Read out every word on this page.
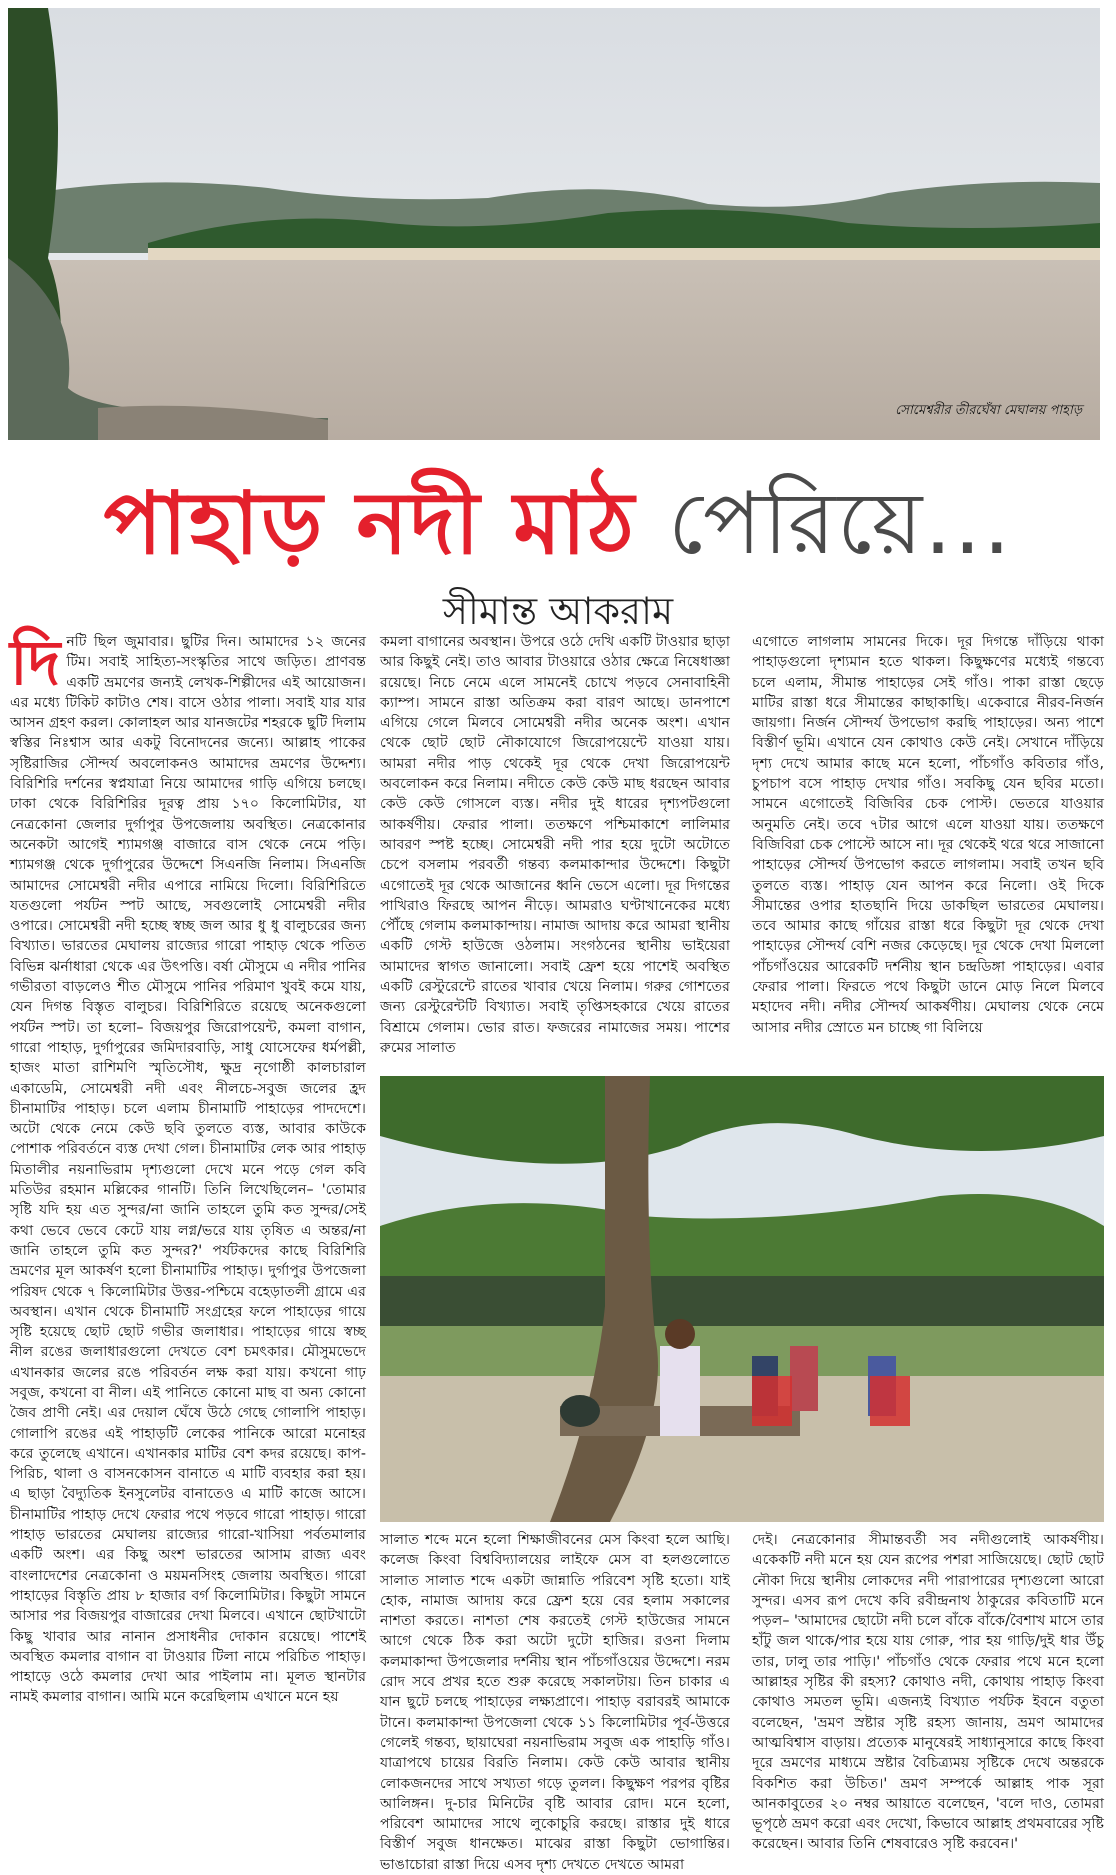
সোমেশ্বরীর তীরঘেঁষা মেঘালয় পাহাড়
পাহাড় নদী মাঠ পেরিয়ে...
সীমান্ত আকরাম
দি নটি ছিল জুমাবার। ছুটির দিন। আমাদের ১২ জনের টিম। সবাই সাহিত্য-সংস্কৃতির সাথে জড়িত। প্রাণবন্ত একটি ভ্রমণের জন্যই লেখক-শিল্পীদের এই আয়োজন। এর মধ্যে টিকিট কাটাও শেষ। বাসে ওঠার পালা। সবাই যার যার আসন গ্রহণ করল। কোলাহল আর যানজটের শহরকে ছুটি দিলাম স্বস্তির নিঃশ্বাস আর একটু বিনোদনের জন্যে। আল্লাহ পাকের সৃষ্টিরাজির সৌন্দর্য অবলোকনও আমাদের ভ্রমণের উদ্দেশ্য। বিরিশিরি দর্শনের স্বপ্নযাত্রা নিয়ে আমাদের গাড়ি এগিয়ে চলছে। ঢাকা থেকে বিরিশিরির দূরত্ব প্রায় ১৭০ কিলোমিটার, যা নেত্রকোনা জেলার দুর্গাপুর উপজেলায় অবস্থিত। নেত্রকোনার অনেকটা আগেই শ্যামগঞ্জ বাজারে বাস থেকে নেমে পড়ি। শ্যামগঞ্জ থেকে দুর্গাপুরের উদ্দেশে সিএনজি নিলাম। সিএনজি আমাদের সোমেশ্বরী নদীর এপারে নামিয়ে দিলো। বিরিশিরিতে যতগুলো পর্যটন স্পট আছে, সবগুলোই সোমেশ্বরী নদীর ওপারে। সোমেশ্বরী নদী হচ্ছে স্বচ্ছ জল আর ধু ধু বালুচরের জন্য বিখ্যাত। ভারতের মেঘালয় রাজ্যের গারো পাহাড় থেকে পতিত বিভিন্ন ঝর্নাধারা থেকে এর উৎপত্তি। বর্ষা মৌসুমে এ নদীর পানির গভীরতা বাড়লেও শীত মৌসুমে পানির পরিমাণ খুবই কমে যায়, যেন দিগন্ত বিস্তৃত বালুচর। বিরিশিরিতে রয়েছে অনেকগুলো পর্যটন স্পট। তা হলো– বিজয়পুর জিরোপয়েন্ট, কমলা বাগান, গারো পাহাড়, দুর্গাপুরের জমিদারবাড়ি, সাধু যোসেফের ধর্মপল্লী, হাজং মাতা রাশিমণি স্মৃতিসৌধ, ক্ষুদ্র নৃগোষ্ঠী কালচারাল একাডেমি, সোমেশ্বরী নদী এবং নীলচে-সবুজ জলের হ্রদ চীনামাটির পাহাড়। চলে এলাম চীনামাটি পাহাড়ের পাদদেশে। অটো থেকে নেমে কেউ ছবি তুলতে ব্যস্ত, আবার কাউকে পোশাক পরিবর্তনে ব্যস্ত দেখা গেল। চীনামাটির লেক আর পাহাড় মিতালীর নয়নাভিরাম দৃশ্যগুলো দেখে মনে পড়ে গেল কবি মতিউর রহমান মল্লিকের গানটি। তিনি লিখেছিলেন– 'তোমার সৃষ্টি যদি হয় এত সুন্দর/না জানি তাহলে তুমি কত সুন্দর/সেই কথা ভেবে ভেবে কেটে যায় লগ্ন/ভরে যায় তৃষিত এ অন্তর/না জানি তাহলে তুমি কত সুন্দর?' পর্যটকদের কাছে বিরিশিরি ভ্রমণের মূল আকর্ষণ হলো চীনামাটির পাহাড়। দুর্গাপুর উপজেলা পরিষদ থেকে ৭ কিলোমিটার উত্তর-পশ্চিমে বহেড়াতলী গ্রামে এর অবস্থান। এখান থেকে চীনামাটি সংগ্রহের ফলে পাহাড়ের গায়ে সৃষ্টি হয়েছে ছোট ছোট গভীর জলাধার। পাহাড়ের গায়ে স্বচ্ছ নীল রঙের জলাধারগুলো দেখতে বেশ চমৎকার। মৌসুমভেদে এখানকার জলের রঙে পরিবর্তন লক্ষ করা যায়। কখনো গাঢ় সবুজ, কখনো বা নীল। এই পানিতে কোনো মাছ বা অন্য কোনো জৈব প্রাণী নেই। এর দেয়াল ঘেঁষে উঠে গেছে গোলাপি পাহাড়। গোলাপি রঙের এই পাহাড়টি লেকের পানিকে আরো মনোহর করে তুলেছে এখানে। এখানকার মাটির বেশ কদর রয়েছে। কাপ-পিরিচ, থালা ও বাসনকোসন বানাতে এ মাটি ব্যবহার করা হয়। এ ছাড়া বৈদ্যুতিক ইনসুলেটর বানাতেও এ মাটি কাজে আসে। চীনামাটির পাহাড় দেখে ফেরার পথে পড়বে গারো পাহাড়। গারো পাহাড় ভারতের মেঘালয় রাজ্যের গারো-খাসিয়া পর্বতমালার একটি অংশ। এর কিছু অংশ ভারতের আসাম রাজ্য এবং বাংলাদেশের নেত্রকোনা ও ময়মনসিংহ জেলায় অবস্থিত। গারো পাহাড়ের বিস্তৃতি প্রায় ৮ হাজার বর্গ কিলোমিটার। কিছুটা সামনে আসার পর বিজয়পুর বাজারের দেখা মিলবে। এখানে ছোটখাটো কিছু খাবার আর নানান প্রসাধনীর দোকান রয়েছে। পাশেই অবস্থিত কমলার বাগান বা টাওয়ার টিলা নামে পরিচিত পাহাড়। পাহাড়ে ওঠে কমলার দেখা আর পাইলাম না। মূলত স্থানটার নামই কমলার বাগান। আমি মনে করেছিলাম এখানে মনে হয়

কমলা বাগানের অবস্থান। উপরে ওঠে দেখি একটি টাওয়ার ছাড়া আর কিছুই নেই। তাও আবার টাওয়ারে ওঠার ক্ষেত্রে নিষেধাজ্ঞা রয়েছে। নিচে নেমে এলে সামনেই চোখে পড়বে সেনাবাহিনী ক্যাম্প। সামনে রাস্তা অতিক্রম করা বারণ আছে। ডানপাশে এগিয়ে গেলে মিলবে সোমেশ্বরী নদীর অনেক অংশ। এখান থেকে ছোট ছোট নৌকাযোগে জিরোপয়েন্টে যাওয়া যায়। আমরা নদীর পাড় থেকেই দূর থেকে দেখা জিরোপয়েন্ট অবলোকন করে নিলাম। নদীতে কেউ কেউ মাছ ধরছেন আবার কেউ কেউ গোসলে ব্যস্ত। নদীর দুই ধারের দৃশ্যপটগুলো আকর্ষণীয়। ফেরার পালা। ততক্ষণে পশ্চিমাকাশে লালিমার আবরণ স্পষ্ট হচ্ছে। সোমেশ্বরী নদী পার হয়ে দুটো অটোতে চেপে বসলাম পরবর্তী গন্তব্য কলমাকান্দার উদ্দেশে। কিছুটা এগোতেই দূর থেকে আজানের ধ্বনি ভেসে এলো। দূর দিগন্তের পাখিরাও ফিরছে আপন নীড়ে। আমরাও ঘণ্টাখানেকের মধ্যে পৌঁছে গেলাম কলমাকান্দায়। নামাজ আদায় করে আমরা স্থানীয় একটি গেস্ট হাউজে ওঠলাম। সংগঠনের স্থানীয় ভাইয়েরা আমাদের স্বাগত জানালো। সবাই ফ্রেশ হয়ে পাশেই অবস্থিত একটি রেস্টুরেন্টে রাতের খাবার খেয়ে নিলাম। গরুর গোশতের জন্য রেস্টুরেন্টটি বিখ্যাত। সবাই তৃপ্তিসহকারে খেয়ে রাতের বিশ্রামে গেলাম। ভোর রাত। ফজরের নামাজের সময়। পাশের রুমের সালাত

এগোতে লাগলাম সামনের দিকে। দূর দিগন্তে দাঁড়িয়ে থাকা পাহাড়গুলো দৃশ্যমান হতে থাকল। কিছুক্ষণের মধ্যেই গন্তব্যে চলে এলাম, সীমান্ত পাহাড়ের সেই গাঁও। পাকা রাস্তা ছেড়ে মাটির রাস্তা ধরে সীমান্তের কাছাকাছি। একেবারে নীরব-নির্জন জায়গা। নির্জন সৌন্দর্য উপভোগ করছি পাহাড়ের। অন্য পাশে বিস্তীর্ণ ভূমি। এখানে যেন কোথাও কেউ নেই। সেখানে দাঁড়িয়ে দৃশ্য দেখে আমার কাছে মনে হলো, পাঁচগাঁও কবিতার গাঁও, চুপচাপ বসে পাহাড় দেখার গাঁও। সবকিছু যেন ছবির মতো। সামনে এগোতেই বিজিবির চেক পোস্ট। ভেতরে যাওয়ার অনুমতি নেই। তবে ৭টার আগে এলে যাওয়া যায়। ততক্ষণে বিজিবিরা চেক পোস্টে আসে না। দূর থেকেই থরে থরে সাজানো পাহাড়ের সৌন্দর্য উপভোগ করতে লাগলাম। সবাই তখন ছবি তুলতে ব্যস্ত। পাহাড় যেন আপন করে নিলো। ওই দিকে সীমান্তের ওপার হাতছানি দিয়ে ডাকছিল ভারতের মেঘালয়। তবে আমার কাছে গাঁয়ের রাস্তা ধরে কিছুটা দূর থেকে দেখা পাহাড়ের সৌন্দর্য বেশি নজর কেড়েছে। দূর থেকে দেখা মিললো পাঁচগাঁওয়ের আরেকটি দর্শনীয় স্থান চন্দ্রডিঙ্গা পাহাড়ের। এবার ফেরার পালা। ফিরতে পথে কিছুটা ডানে মোড় নিলে মিলবে মহাদেব নদী। নদীর সৌন্দর্য আকর্ষণীয়। মেঘালয় থেকে নেমে আসার নদীর স্রোতে মন চাচ্ছে গা বিলিয়ে

সালাত শব্দে মনে হলো শিক্ষাজীবনের মেস কিংবা হলে আছি। কলেজ কিংবা বিশ্ববিদ্যালয়ের লাইফে মেস বা হলগুলোতে সালাত সালাত শব্দে একটা জান্নাতি পরিবেশ সৃষ্টি হতো। যাই হোক, নামাজ আদায় করে ফ্রেশ হয়ে বের হলাম সকালের নাশতা করতে। নাশতা শেষ করতেই গেস্ট হাউজের সামনে আগে থেকে ঠিক করা অটো দুটো হাজির। রওনা দিলাম কলমাকান্দা উপজেলার দর্শনীয় স্থান পাঁচগাঁওয়ের উদ্দেশে। নরম রোদ সবে প্রখর হতে শুরু করেছে সকালটায়। তিন চাকার এ যান ছুটে চলছে পাহাড়ের লক্ষ্যপ্রাণে। পাহাড় বরাবরই আমাকে টানে। কলমাকান্দা উপজেলা থেকে ১১ কিলোমিটার পূর্ব-উত্তরে গেলেই গন্তব্য, ছায়াঘেরা নয়নাভিরাম সবুজ এক পাহাড়ি গাঁও। যাত্রাপথে চায়ের বিরতি নিলাম। কেউ কেউ আবার স্থানীয় লোকজনদের সাথে সখ্যতা গড়ে তুলল। কিছুক্ষণ পরপর বৃষ্টির আলিঙ্গন। দু-চার মিনিটের বৃষ্টি আবার রোদ। মনে হলো, পরিবেশ আমাদের সাথে লুকোচুরি করছে। রাস্তার দুই ধারে বিস্তীর্ণ সবুজ ধানক্ষেত। মাঝের রাস্তা কিছুটা ভোগান্তির। ভাঙাচোরা রাস্তা দিয়ে এসব দৃশ্য দেখতে দেখতে আমরা

দেই। নেত্রকোনার সীমান্তবর্তী সব নদীগুলোই আকর্ষণীয়। একেকটি নদী মনে হয় যেন রূপের পশরা সাজিয়েছে। ছোট ছোট নৌকা দিয়ে স্থানীয় লোকদের নদী পারাপারের দৃশ্যগুলো আরো সুন্দর। এসব রূপ দেখে কবি রবীন্দ্রনাথ ঠাকুরের কবিতাটি মনে পড়ল– 'আমাদের ছোটো নদী চলে বাঁকে বাঁকে/বৈশাখ মাসে তার হাঁটু জল থাকে/পার হয়ে যায় গোরু, পার হয় গাড়ি/দুই ধার উঁচু তার, ঢালু তার পাড়ি।' পাঁচগাঁও থেকে ফেরার পথে মনে হলো আল্লাহর সৃষ্টির কী রহস্য? কোথাও নদী, কোথায় পাহাড় কিংবা কোথাও সমতল ভূমি। এজন্যই বিখ্যাত পর্যটক ইবনে বতুতা বলেছেন, 'ভ্রমণ স্রষ্টার সৃষ্টি রহস্য জানায়, ভ্রমণ আমাদের আত্মবিশ্বাস বাড়ায়। প্রত্যেক মানুষেরই সাধ্যানুসারে কাছে কিংবা দূরে ভ্রমণের মাধ্যমে স্রষ্টার বৈচিত্র্যময় সৃষ্টিকে দেখে অন্তরকে বিকশিত করা উচিত।' ভ্রমণ সম্পর্কে আল্লাহ পাক সূরা আনকাবুতের ২০ নম্বর আয়াতে বলেছেন, 'বলে দাও, তোমরা ভূপৃষ্ঠে ভ্রমণ করো এবং দেখো, কিভাবে আল্লাহ প্রথমবারের সৃষ্টি করেছেন। আবার তিনি শেষবারেও সৃষ্টি করবেন।'
